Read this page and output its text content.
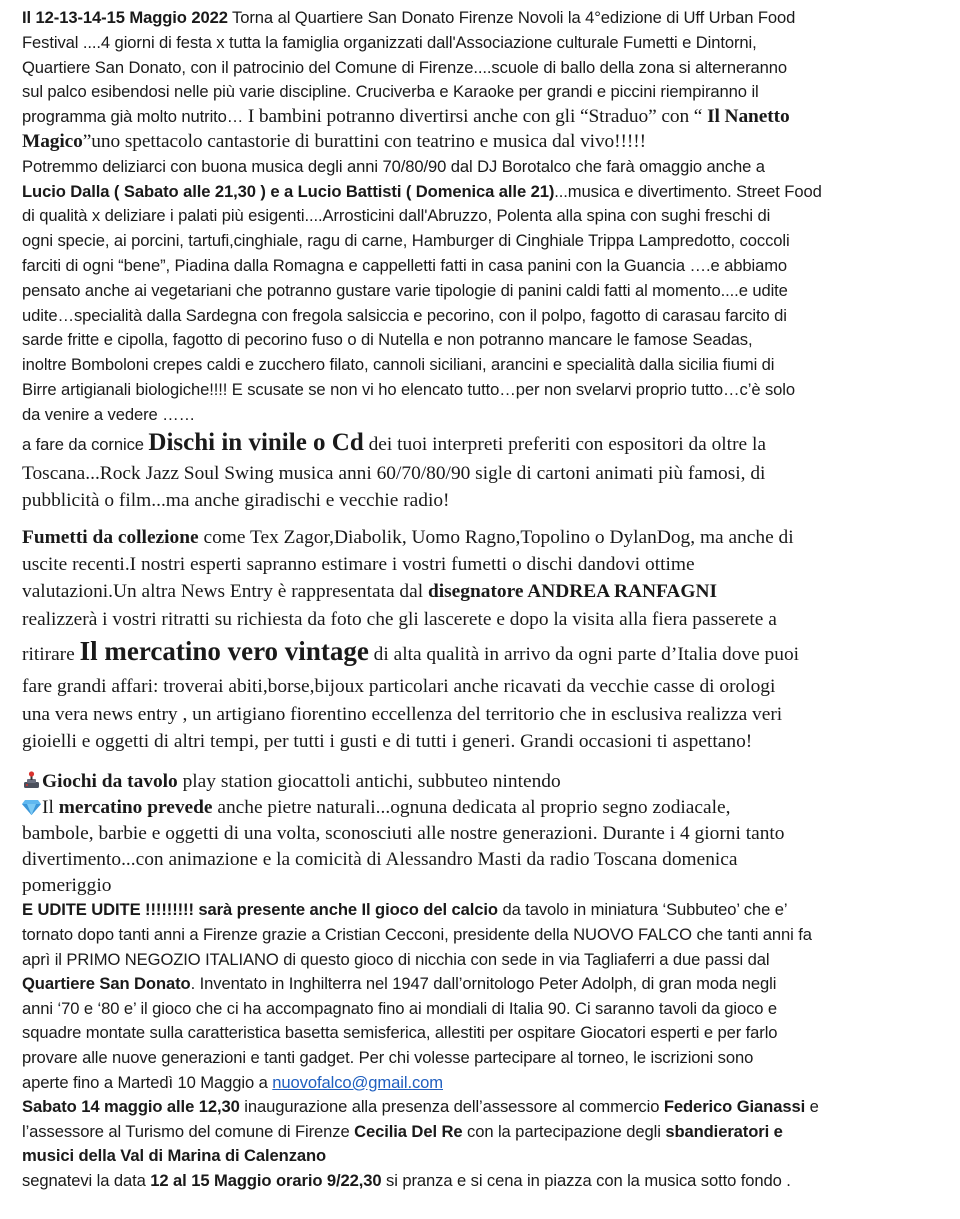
Il 12-13-14-15 Maggio 2022 Torna al Quartiere San Donato Firenze Novoli la 4°edizione di Uff Urban Food
Festival ....4 giorni di festa x tutta la famiglia organizzati dall'Associazione culturale Fumetti e Dintorni,
Quartiere San Donato, con il patrocinio del Comune di Firenze....scuole di ballo della zona si alterneranno
sul palco esibendosi nelle più varie discipline. Cruciverba e Karaoke per grandi e piccini riempiranno il
programma già molto nutrito… I bambini potranno divertirsi anche con gli “Straduo” con “ Il Nanetto
Magico”uno spettacolo cantastorie di burattini con teatrino e musica dal vivo!!!!!
Potremmo deliziarci con buona musica degli anni 70/80/90 dal DJ Borotalco che farà omaggio anche a
Lucio Dalla ( Sabato alle 21,30 ) e a Lucio Battisti ( Domenica alle 21)...musica e divertimento. Street Food
di qualità x deliziare i palati più esigenti....Arrosticini dall'Abruzzo, Polenta alla spina con sughi freschi di
ogni specie, ai porcini, tartufi,cinghiale, ragu di carne, Hamburger di Cinghiale Trippa Lampredotto, coccoli
farciti di ogni “bene”, Piadina dalla Romagna e cappelletti fatti in casa panini con la Guancia ….e abbiamo
pensato anche ai vegetariani che potranno gustare varie tipologie di panini caldi fatti al momento....e udite
udite…specialità dalla Sardegna con fregola salsiccia e pecorino, con il polpo, fagotto di carasau farcito di
sarde fritte e cipolla, fagotto di pecorino fuso o di Nutella e non potranno mancare le famose Seadas,
inoltre Bomboloni crepes caldi e zucchero filato, cannoli siciliani, arancini e specialità dalla sicilia fiumi di
Birre artigianali biologiche!!!! E scusate se non vi ho elencato tutto…per non svelarvi proprio tutto…c’è solo
da venire a vedere ……
a fare da cornice Dischi in vinile o Cd dei tuoi interpreti preferiti con espositori da oltre la
Toscana...Rock Jazz Soul Swing musica anni 60/70/80/90 sigle di cartoni animati più famosi, di
pubblicità o film...ma anche giradischi e vecchie radio!
Fumetti da collezione come Tex Zagor,Diabolik, Uomo Ragno,Topolino o DylanDog, ma anche di
uscite recenti.I nostri esperti sapranno estimare i vostri fumetti o dischi dandovi ottime
valutazioni.Un altra News Entry è rappresentata dal disegnatore ANDREA RANFAGNI
realizzerà i vostri ritratti su richiesta da foto che gli lascerete e dopo la visita alla fiera passerete a
ritirare Il mercatino vero vintage di alta qualità in arrivo da ogni parte d’Italia dove puoi
fare grandi affari: troverai abiti,borse,bijoux particolari anche ricavati da vecchie casse di orologi
una vera news entry , un artigiano fiorentino eccellenza del territorio che in esclusiva realizza veri
gioielli e oggetti di altri tempi, per tutti i gusti e di tutti i generi. Grandi occasioni ti aspettano!
Giochi da tavolo play station giocattoli antichi, subbuteo nintendo
Il mercatino prevede anche pietre naturali...ognuna dedicata al proprio segno zodiacale,
bambole, barbie e oggetti di una volta, sconosciuti alle nostre generazioni. Durante i 4 giorni tanto
divertimento...con animazione e la comicità di Alessandro Masti da radio Toscana domenica
pomeriggio
E UDITE UDITE !!!!!!!!! sarà presente anche Il gioco del calcio da tavolo in miniatura ‘Subbuteo’ che e’
tornato dopo tanti anni a Firenze grazie a Cristian Cecconi, presidente della NUOVO FALCO che tanti anni fa
aprì il PRIMO NEGOZIO ITALIANO di questo gioco di nicchia con sede in via Tagliaferri a due passi dal
Quartiere San Donato. Inventato in Inghilterra nel 1947 dall’ornitologo Peter Adolph, di gran moda negli
anni ‘70 e ‘80 e’ il gioco che ci ha accompagnato fino ai mondiali di Italia 90. Ci saranno tavoli da gioco e
squadre montate sulla caratteristica basetta semisferica, allestiti per ospitare Giocatori esperti e per farlo
provare alle nuove generazioni e tanti gadget. Per chi volesse partecipare al torneo, le iscrizioni sono
aperte fino a Martedì 10 Maggio a nuovofalco@gmail.com
Sabato 14 maggio alle 12,30 inaugurazione alla presenza dell’assessore al commercio Federico Gianassi e
l’assessore al Turismo del comune di Firenze Cecilia Del Re con la partecipazione degli sbandieratori e
musici della Val di Marina di Calenzano
segnatevi la data 12 al 15 Maggio orario 9/22,30 si pranza e si cena in piazza con la musica sotto fondo .
